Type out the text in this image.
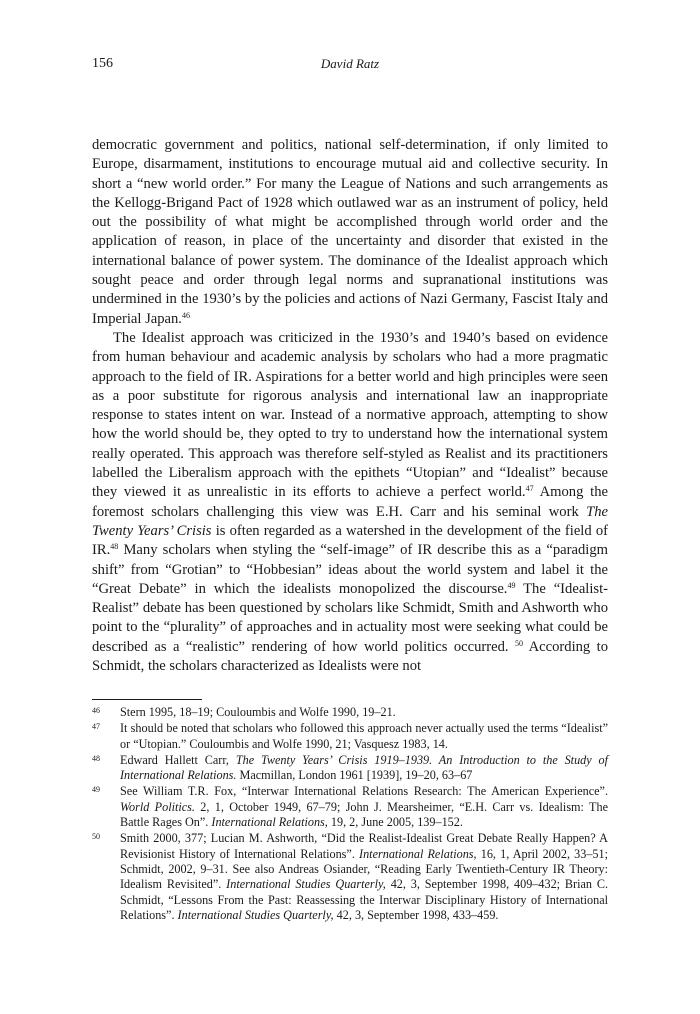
156	David Ratz

democratic government and politics, national self-determination, if only limited to Europe, disarmament, institutions to encourage mutual aid and collective security. In short a “new world order.” For many the League of Nations and such arrangements as the Kellogg-Brigand Pact of 1928 which outlawed war as an instrument of policy, held out the possibility of what might be accomplished through world order and the application of reason, in place of the uncertainty and disorder that existed in the international balance of power system. The dominance of the Idealist approach which sought peace and order through legal norms and supranational institutions was undermined in the 1930’s by the policies and actions of Nazi Germany, Fascist Italy and Imperial Japan.$^{46}$

The Idealist approach was criticized in the 1930’s and 1940’s based on evidence from human behaviour and academic analysis by scholars who had a more pragmatic approach to the field of IR. Aspirations for a better world and high principles were seen as a poor substitute for rigorous analysis and international law an inappropriate response to states intent on war. Instead of a normative approach, attempting to show how the world should be, they opted to try to understand how the international system really operated. This approach was therefore self-styled as Realist and its practitioners labelled the Liberalism approach with the epithets “Utopian” and “Idealist” because they viewed it as unrealistic in its efforts to achieve a perfect world.$^{47}$ Among the foremost scholars challenging this view was E.H. Carr and his seminal work The Twenty Years’ Crisis is often regarded as a watershed in the development of the field of IR.$^{48}$ Many scholars when styling the “self-image” of IR describe this as a “paradigm shift” from “Grotian” to “Hobbesian” ideas about the world system and label it the “Great Debate” in which the idealists monopolized the discourse.$^{49}$ The “Idealist-Realist” debate has been questioned by scholars like Schmidt, Smith and Ashworth who point to the “plurality” of approaches and in actuality most were seeking what could be described as a “realistic” rendering of how world politics occurred. $^{50}$ According to Schmidt, the scholars characterized as Idealists were not

46 Stern 1995, 18–19; Couloumbis and Wolfe 1990, 19–21.
47 It should be noted that scholars who followed this approach never actually used the terms “Idealist” or “Utopian.” Couloumbis and Wolfe 1990, 21; Vasquesz 1983, 14.
48 Edward Hallett Carr, The Twenty Years’ Crisis 1919–1939. An Introduction to the Study of International Relations. Macmillan, London 1961 [1939], 19–20, 63–67
49 See William T.R. Fox, “Interwar International Relations Research: The American Experience”. World Politics. 2, 1, October 1949, 67–79; John J. Mearsheimer, “E.H. Carr vs. Idealism: The Battle Rages On”. International Relations, 19, 2, June 2005, 139–152.
50 Smith 2000, 377; Lucian M. Ashworth, “Did the Realist-Idealist Great Debate Really Happen? A Revisionist History of International Relations”. International Relations, 16, 1, April 2002, 33–51; Schmidt, 2002, 9–31. See also Andreas Osiander, “Reading Early Twentieth-Century IR Theory: Idealism Revisited”. International Studies Quarterly, 42, 3, September 1998, 409–432; Brian C. Schmidt, “Lessons From the Past: Reassessing the Interwar Disciplinary History of International Relations”. International Studies Quarterly, 42, 3, September 1998, 433–459.
